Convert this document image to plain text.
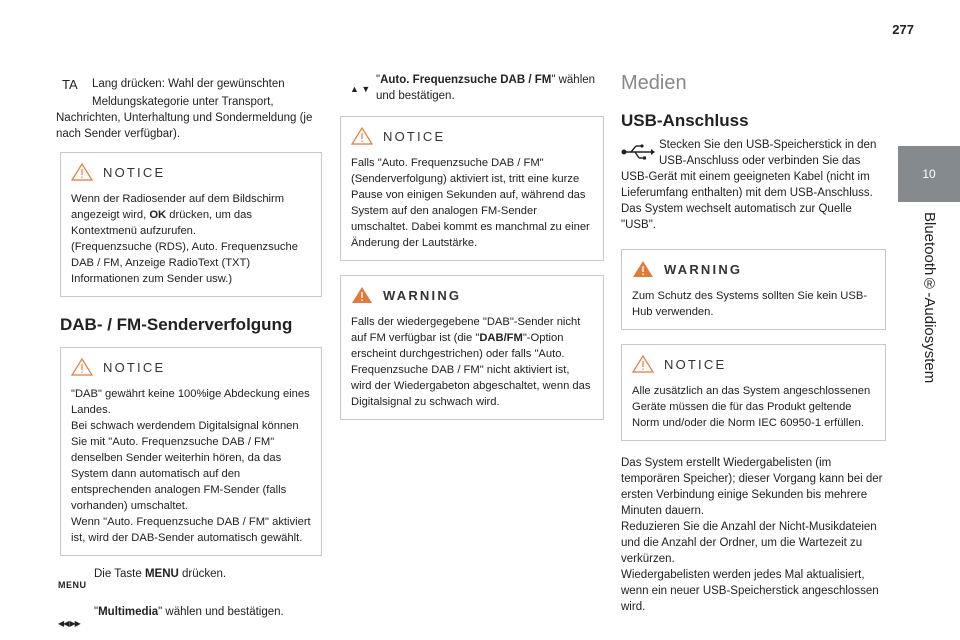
277
10
Bluetooth®-Audiosystem
TA	Lang drücken: Wahl der gewünschten
Meldungskategorie unter Transport, Nachrichten, Unterhaltung und Sondermeldung (je nach Sender verfügbar).
NOTICE
Wenn der Radiosender auf dem Bildschirm angezeigt wird, OK drücken, um das Kontextmenü aufzurufen.
(Frequenzsuche (RDS), Auto. Frequenzsuche DAB / FM, Anzeige RadioText (TXT) Informationen zum Sender usw.)
DAB- / FM-Senderverfolgung
NOTICE
"DAB" gewährt keine 100%ige Abdeckung eines Landes.
Bei schwach werdendem Digitalsignal können Sie mit "Auto. Frequenzsuche DAB / FM" denselben Sender weiterhin hören, da das System dann automatisch auf den entsprechenden analogen FM-Sender (falls vorhanden) umschaltet.
Wenn "Auto. Frequenzsuche DAB / FM" aktiviert ist, wird der DAB-Sender automatisch gewählt.
MENU
Die Taste MENU drücken.
◀◀ ▶▶
"Multimedia" wählen und bestätigen.
▲ ▼
"Auto. Frequenzsuche DAB / FM" wählen und bestätigen.
NOTICE
Falls "Auto. Frequenzsuche DAB / FM" (Senderverfolgung) aktiviert ist, tritt eine kurze Pause von einigen Sekunden auf, während das System auf den analogen FM-Sender umschaltet. Dabei kommt es manchmal zu einer Änderung der Lautstärke.
WARNING
Falls der wiedergegebene "DAB"-Sender nicht auf FM verfügbar ist (die "DAB/FM"-Option erscheint durchgestrichen) oder falls "Auto. Frequenzsuche DAB / FM" nicht aktiviert ist, wird der Wiedergabeton abgeschaltet, wenn das Digitalsignal zu schwach wird.
Medien
USB-Anschluss
Stecken Sie den USB-Speicherstick in den
USB-Anschluss oder verbinden Sie das
USB-Gerät mit einem geeigneten Kabel (nicht im Lieferumfang enthalten) mit dem USB-Anschluss.
Das System wechselt automatisch zur Quelle "USB".
WARNING
Zum Schutz des Systems sollten Sie kein USB-Hub verwenden.
NOTICE
Alle zusätzlich an das System angeschlossenen Geräte müssen die für das Produkt geltende Norm und/oder die Norm IEC 60950-1 erfüllen.
Das System erstellt Wiedergabelisten (im temporären Speicher); dieser Vorgang kann bei der ersten Verbindung einige Sekunden bis mehrere Minuten dauern.
Reduzieren Sie die Anzahl der Nicht-Musikdateien und die Anzahl der Ordner, um die Wartezeit zu verkürzen.
Wiedergabelisten werden jedes Mal aktualisiert, wenn ein neuer USB-Speicherstick angeschlossen wird.
